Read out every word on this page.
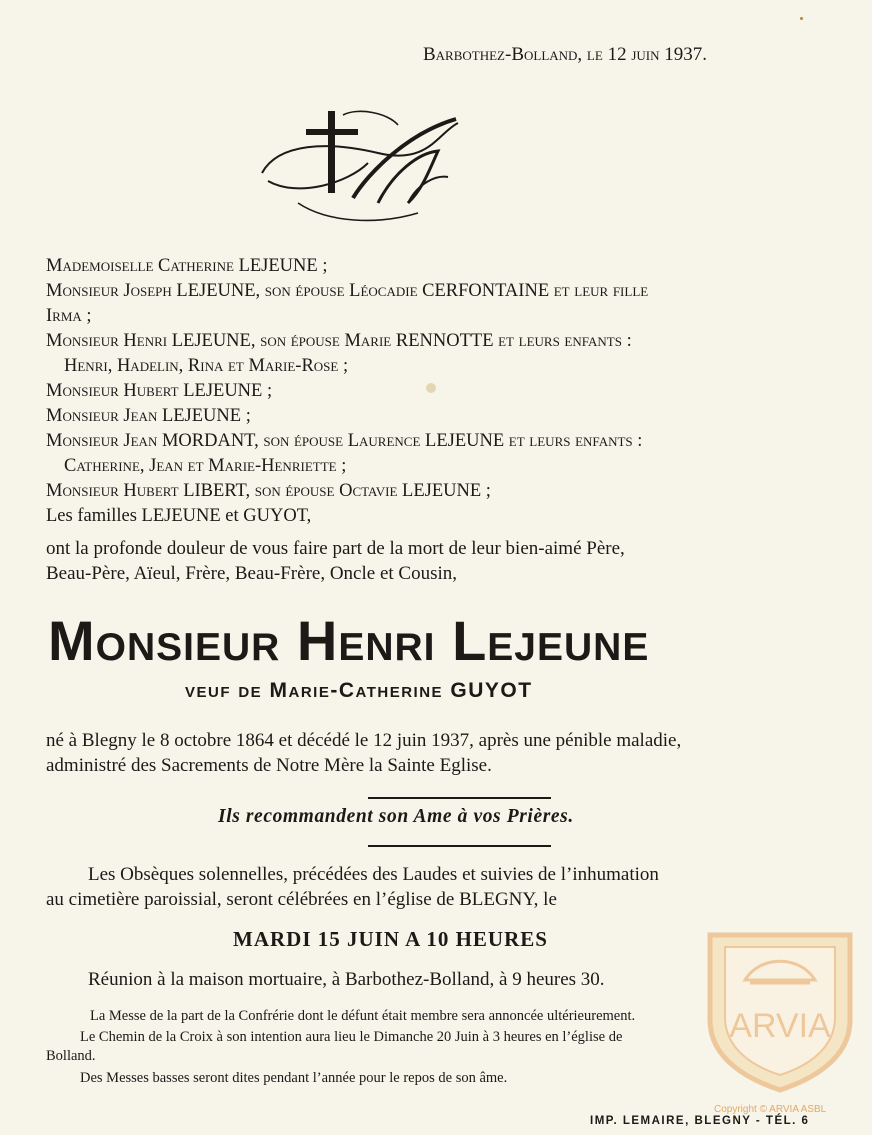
Barbothez-Bolland, le 12 juin 1937.
Mademoiselle Catherine LEJEUNE ;
Monsieur Joseph LEJEUNE, son épouse Léocadie CERFONTAINE et leur fille
Irma ;
Monsieur Henri LEJEUNE, son épouse Marie RENNOTTE et leurs enfants :
Henri, Hadelin, Rina et Marie-Rose ;
Monsieur Hubert LEJEUNE ;
Monsieur Jean LEJEUNE ;
Monsieur Jean MORDANT, son épouse Laurence LEJEUNE et leurs enfants :
Catherine, Jean et Marie-Henriette ;
Monsieur Hubert LIBERT, son épouse Octavie LEJEUNE ;
Les familles LEJEUNE et GUYOT,
ont la profonde douleur de vous faire part de la mort de leur bien-aimé Père,
Beau-Père, Aïeul, Frère, Beau-Frère, Oncle et Cousin,
Monsieur Henri Lejeune
veuf de Marie-Catherine GUYOT
né à Blegny le 8 octobre 1864 et décédé le 12 juin 1937, après une pénible maladie,
administré des Sacrements de Notre Mère la Sainte Eglise.
Ils recommandent son Ame à vos Prières.
Les Obsèques solennelles, précédées des Laudes et suivies de l’inhumation
au cimetière paroissial, seront célébrées en l’église de BLEGNY, le
MARDI 15 JUIN A 10 HEURES
Réunion à la maison mortuaire, à Barbothez-Bolland, à 9 heures 30.
La Messe de la part de la Confrérie dont le défunt était membre sera annoncée ultérieurement.
Le Chemin de la Croix à son intention aura lieu le Dimanche 20 Juin à 3 heures en l’église de
Bolland.
Des Messes basses seront dites pendant l’année pour le repos de son âme.
IMP. LEMAIRE, BLEGNY - TÉL. 6
ARVIA
Copyright © ARVIA ASBL
